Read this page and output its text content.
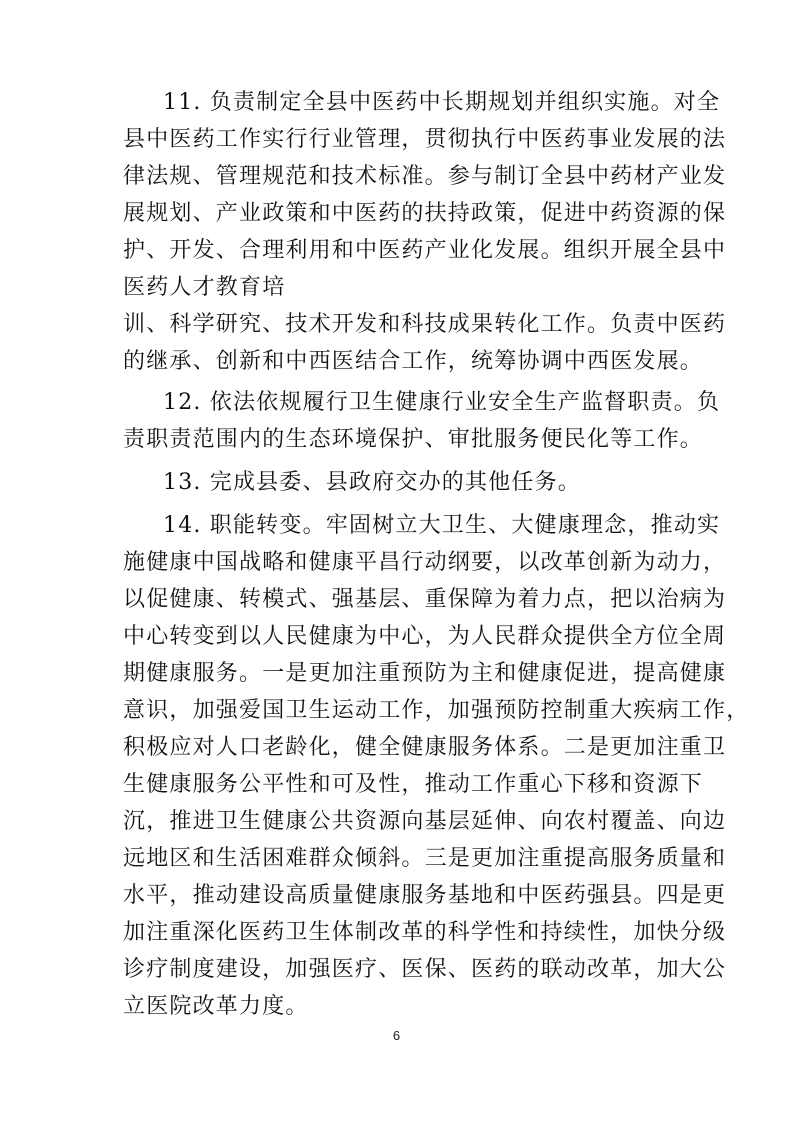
11. 负责制定全县中医药中长期规划并组织实施。对全
县中医药工作实行行业管理，贯彻执行中医药事业发展的法
律法规、管理规范和技术标准。参与制订全县中药材产业发
展规划、产业政策和中医药的扶持政策，促进中药资源的保
护、开发、合理利用和中医药产业化发展。组织开展全县中
医药人才教育培
训、科学研究、技术开发和科技成果转化工作。负责中医药
的继承、创新和中西医结合工作，统筹协调中西医发展。
12. 依法依规履行卫生健康行业安全生产监督职责。负
责职责范围内的生态环境保护、审批服务便民化等工作。
13. 完成县委、县政府交办的其他任务。
14. 职能转变。牢固树立大卫生、大健康理念，推动实
施健康中国战略和健康平昌行动纲要，以改革创新为动力，
以促健康、转模式、强基层、重保障为着力点，把以治病为
中心转变到以人民健康为中心，为人民群众提供全方位全周
期健康服务。一是更加注重预防为主和健康促进，提高健康
意识，加强爱国卫生运动工作，加强预防控制重大疾病工作，
积极应对人口老龄化，健全健康服务体系。二是更加注重卫
生健康服务公平性和可及性，推动工作重心下移和资源下
沉，推进卫生健康公共资源向基层延伸、向农村覆盖、向边
远地区和生活困难群众倾斜。三是更加注重提高服务质量和
水平，推动建设高质量健康服务基地和中医药强县。四是更
加注重深化医药卫生体制改革的科学性和持续性，加快分级
诊疗制度建设，加强医疗、医保、医药的联动改革，加大公
立医院改革力度。
6
